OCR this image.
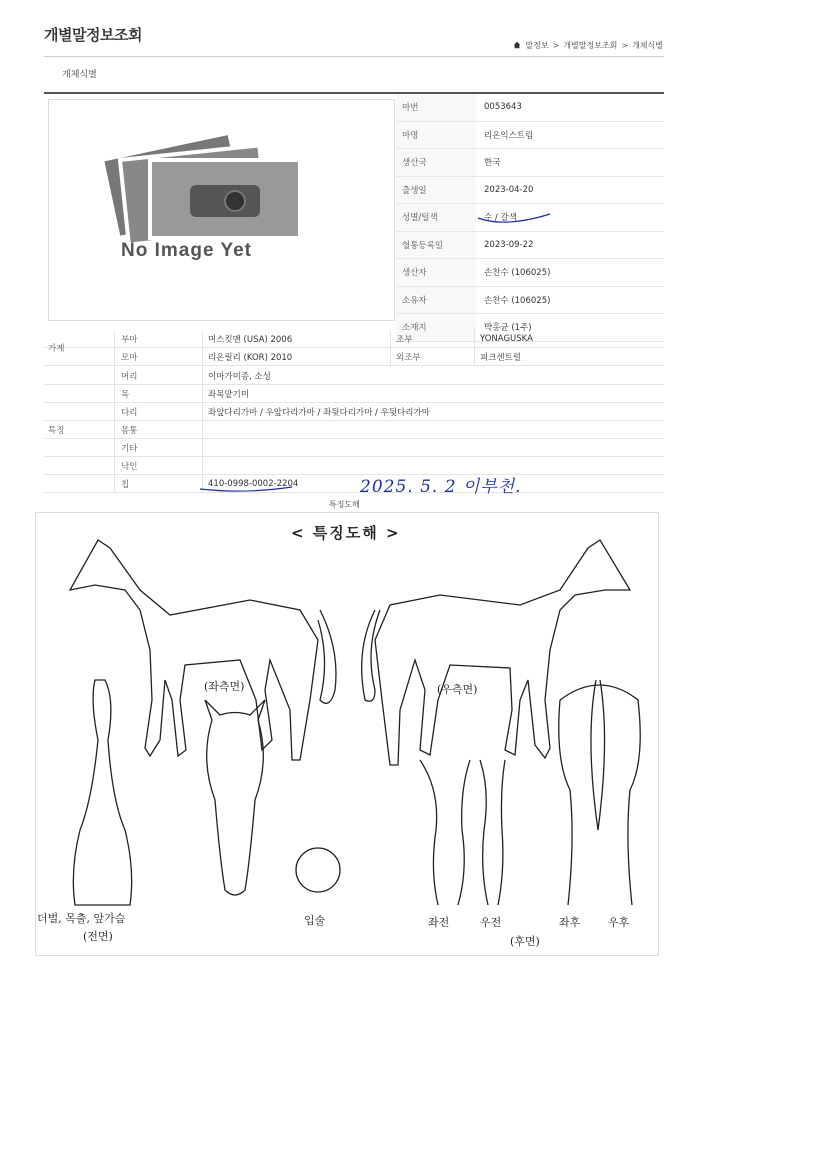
개별말정보조회
말정보 > 개별말정보조회 > 개체식별
개체식별
No Image Yet
마번	0053643
마명	리온익스트림
생산국	한국
출생일	2023-04-20
성별/털색	수 / 갈색
혈통등록일	2023-09-22
생산자	손찬수 (106025)
소유자	손찬수 (106025)
소재지	박홍균 (1주)
부마	머스킷맨 (USA) 2006	조부	YONAGUSKA
모마	리온릴리 (KOR) 2010	외조부	피크센트럴
가계
머리	이마가미종, 소성
목	좌목맡기미
다리	좌앞다리가마 / 우앞다리가마 / 좌뒷다리가마 / 우뒷다리가마
몸통
기타
낙인
칩	410-0998-0002-2204
특징
2025. 5. 2 이부천.
특징도해
< 특징도해 >
(좌측면)	(우측면)
더벌, 목출, 앞가슴
(전면)
입술	좌전	우전	좌후	우후
(후면)
